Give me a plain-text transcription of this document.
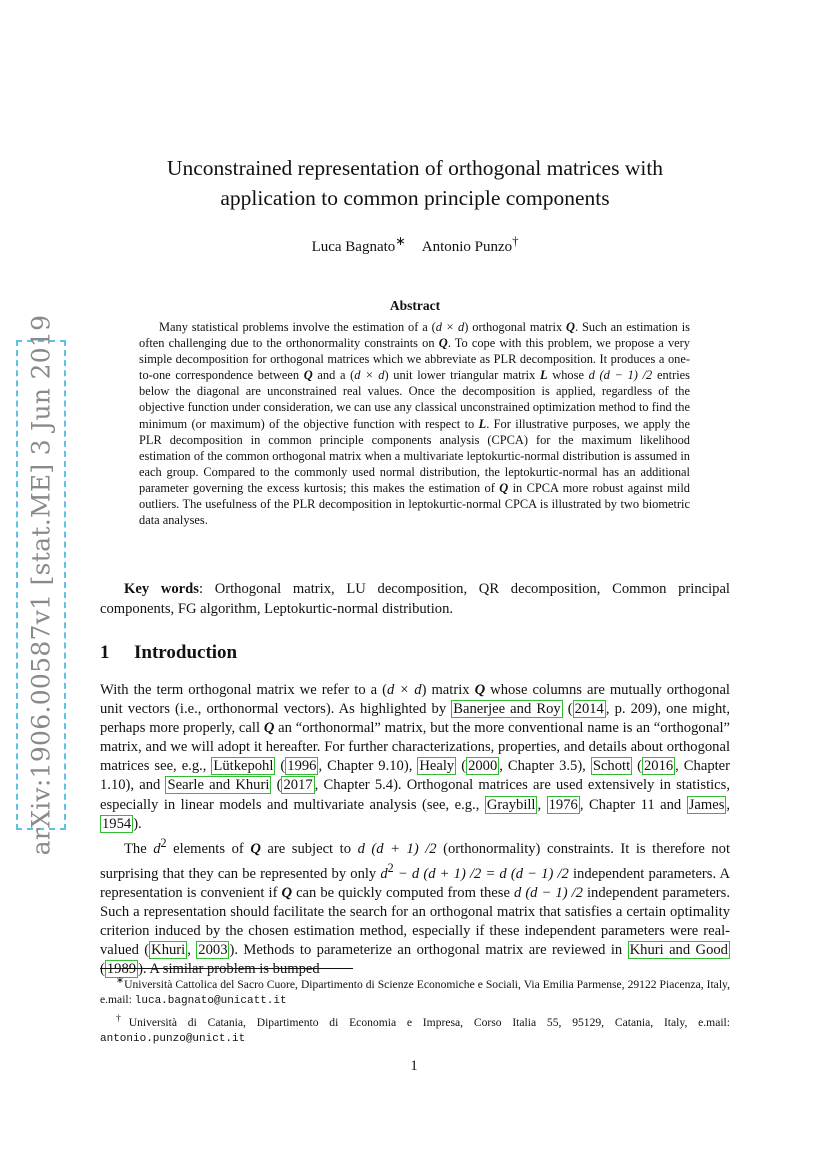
arXiv:1906.00587v1 [stat.ME] 3 Jun 2019
Unconstrained representation of orthogonal matrices with
application to common principle components
Luca Bagnato∗ Antonio Punzo†
Abstract
Many statistical problems involve the estimation of a (d × d) orthogonal matrix Q. Such an estimation is often challenging due to the orthonormality constraints on Q. To cope with this problem, we propose a very simple decomposition for orthogonal matrices which we abbreviate as PLR decomposition. It produces a one-to-one correspondence between Q and a (d × d) unit lower triangular matrix L whose d (d − 1) /2 entries below the diagonal are unconstrained real values. Once the decomposition is applied, regardless of the objective function under consideration, we can use any classical unconstrained optimization method to find the minimum (or maximum) of the objective function with respect to L. For illustrative purposes, we apply the PLR decomposition in common principle components analysis (CPCA) for the maximum likelihood estimation of the common orthogonal matrix when a multivariate leptokurtic-normal distribution is assumed in each group. Compared to the commonly used normal distribution, the leptokurtic-normal has an additional parameter governing the excess kurtosis; this makes the estimation of Q in CPCA more robust against mild outliers. The usefulness of the PLR decomposition in leptokurtic-normal CPCA is illustrated by two biometric data analyses.
Key words: Orthogonal matrix, LU decomposition, QR decomposition, Common principal components, FG algorithm, Leptokurtic-normal distribution.
1 Introduction

With the term orthogonal matrix we refer to a (d × d) matrix Q whose columns are mutually orthogonal unit vectors (i.e., orthonormal vectors). As highlighted by Banerjee and Roy ( 2014 , p. 209), one might, perhaps more properly, call Q an “orthonormal” matrix, but the more conventional name is an “orthogonal” matrix, and we will adopt it hereafter. For further characterizations, properties, and details about orthogonal matrices see, e.g., Lütkepohl ( 1996 , Chapter 9.10), Healy ( 2000 , Chapter 3.5), Schott ( 2016 , Chapter 1.10), and Searle and Khuri ( 2017 , Chapter 5.4). Orthogonal matrices are used extensively in statistics, especially in linear models and multivariate analysis (see, e.g., Graybill , 1976 , Chapter 11 and James , 1954 ).

The $d^2$ elements of Q are subject to d (d + 1) /2 (orthonormality) constraints. It is therefore not surprising that they can be represented by only $d^2 - d$ (d + 1) /2 = d (d − 1) /2 independent parameters. A representation is convenient if Q can be quickly computed from these d (d − 1) /2 independent parameters. Such a representation should facilitate the search for an orthogonal matrix that satisfies a certain optimality criterion induced by the chosen estimation method, especially if these independent parameters were real-valued ( Khuri , 2003 ). Methods to parameterize an orthogonal matrix are reviewed in Khuri and Good ( 1989 ). A similar problem is bumped

∗Università Cattolica del Sacro Cuore, Dipartimento di Scienze Economiche e Sociali, Via Emilia Parmense, 29122 Piacenza, Italy, e.mail: luca.bagnato@unicatt.it

†Università di Catania, Dipartimento di Economia e Impresa, Corso Italia 55, 95129, Catania, Italy, e.mail: antonio.punzo@unict.it

1
